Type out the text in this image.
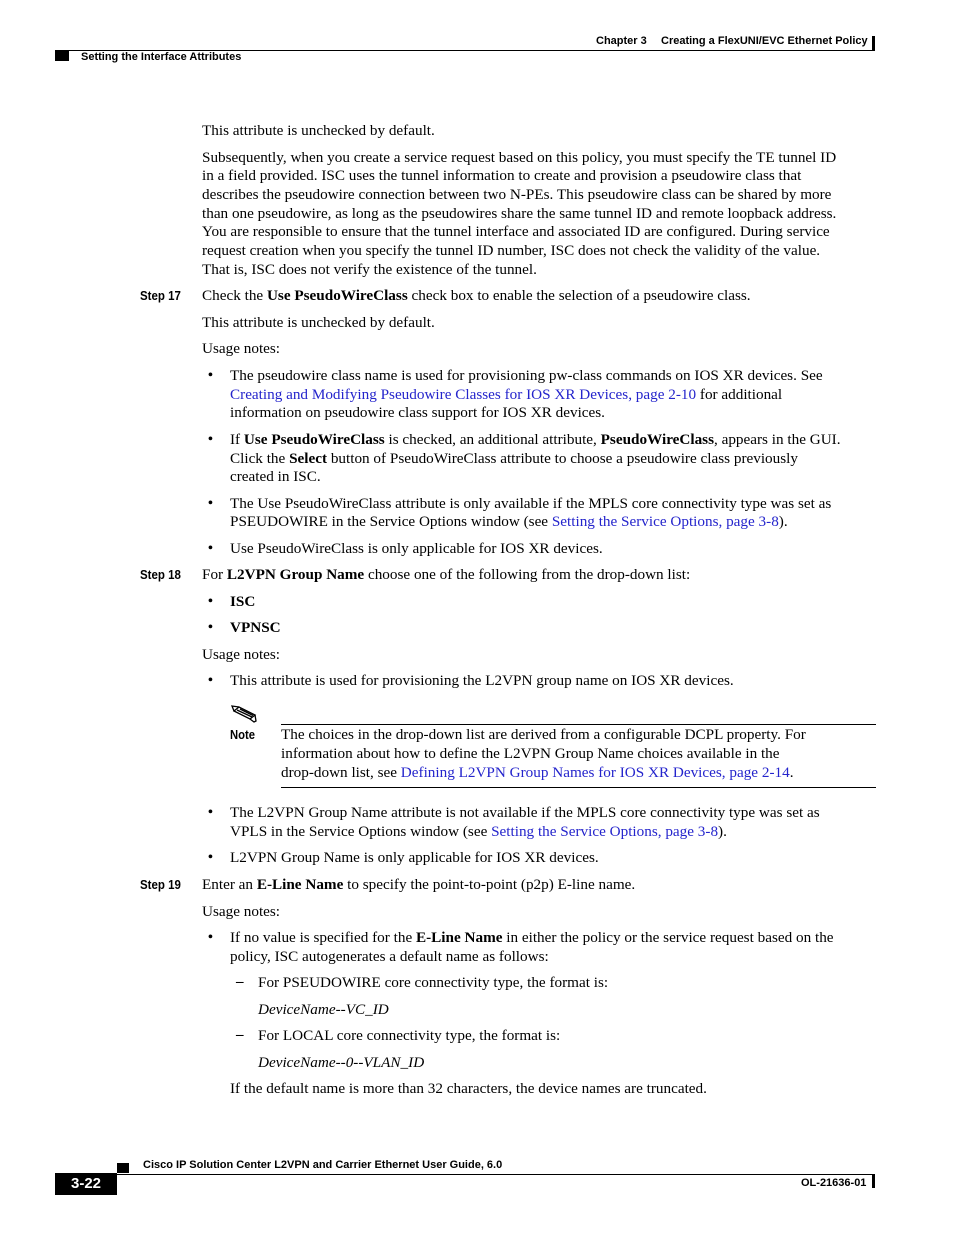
Chapter 3 Creating a FlexUNI/EVC Ethernet Policy
Setting the Interface Attributes

This attribute is unchecked by default.

Subsequently, when you create a service request based on this policy, you must specify the TE tunnel ID

in a field provided. ISC uses the tunnel information to create and provision a pseudowire class that

describes the pseudowire connection between two N-PEs. This pseudowire class can be shared by more

than one pseudowire, as long as the pseudowires share the same tunnel ID and remote loopback address.

You are responsible to ensure that the tunnel interface and associated ID are configured. During service

request creation when you specify the tunnel ID number, ISC does not check the validity of the value.

That is, ISC does not verify the existence of the tunnel.

Step 17 Check the Use PseudoWireClass check box to enable the selection of a pseudowire class.

This attribute is unchecked by default.

Usage notes:

• The pseudowire class name is used for provisioning pw-class commands on IOS XR devices. See

Creating and Modifying Pseudowire Classes for IOS XR Devices, page 2-10 for additional

information on pseudowire class support for IOS XR devices.

• If Use PseudoWireClass is checked, an additional attribute, PseudoWireClass, appears in the GUI.

Click the Select button of PseudoWireClass attribute to choose a pseudowire class previously

created in ISC.

• The Use PseudoWireClass attribute is only available if the MPLS core connectivity type was set as

PSEUDOWIRE in the Service Options window (see Setting the Service Options, page 3-8).

• Use PseudoWireClass is only applicable for IOS XR devices.

Step 18 For L2VPN Group Name choose one of the following from the drop-down list:

• ISC

• VPNSC

Usage notes:

• This attribute is used for provisioning the L2VPN group name on IOS XR devices.

Note The choices in the drop-down list are derived from a configurable DCPL property. For

information about how to define the L2VPN Group Name choices available in the

drop-down list, see Defining L2VPN Group Names for IOS XR Devices, page 2-14.

• The L2VPN Group Name attribute is not available if the MPLS core connectivity type was set as

VPLS in the Service Options window (see Setting the Service Options, page 3-8).

• L2VPN Group Name is only applicable for IOS XR devices.

Step 19 Enter an E-Line Name to specify the point-to-point (p2p) E-line name.

Usage notes:

• If no value is specified for the E-Line Name in either the policy or the service request based on the

policy, ISC autogenerates a default name as follows:

– For PSEUDOWIRE core connectivity type, the format is:

DeviceName--VC_ID

– For LOCAL core connectivity type, the format is:

DeviceName--0--VLAN_ID

If the default name is more than 32 characters, the device names are truncated.

Cisco IP Solution Center L2VPN and Carrier Ethernet User Guide, 6.0
3-22	OL-21636-01
